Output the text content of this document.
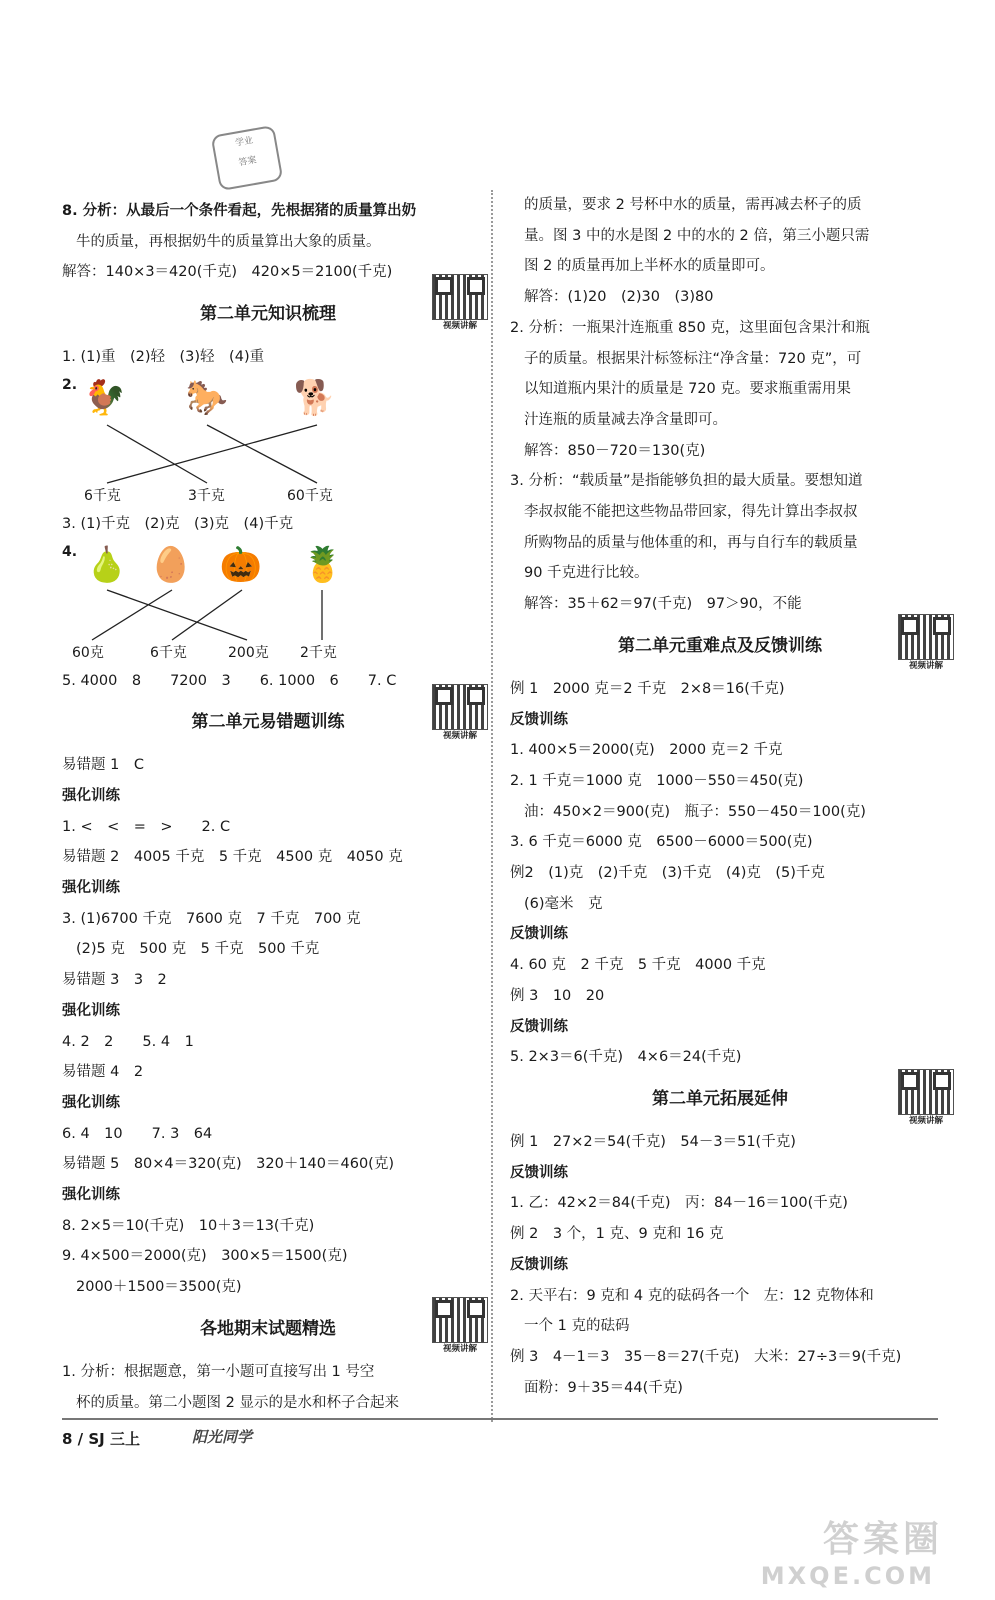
学业
答案
8. 分析：从最后一个条件看起，先根据猪的质量算出奶
牛的质量，再根据奶牛的质量算出大象的质量。
解答：140×3＝420(千克)　420×5＝2100(千克)
第二单元知识梳理
视频讲解
1. (1)重　(2)轻　(3)轻　(4)重
2. 🐓 🐎 🐕
6千克	3千克	60千克
3. (1)千克　(2)克　(3)克　(4)千克
4. 🍐 🥚 🎃 🍍
60克	6千克	200克 2千克
5. 4000　8　　7200　3　　6. 1000　6　　7. C
第二单元易错题训练
视频讲解
易错题 1　C
强化训练
1. <　<　=　>　　2. C
易错题 2　4005 千克　5 千克　4500 克　4050 克
强化训练
3. (1)6700 千克　7600 克　7 千克　700 克
(2)5 克　500 克　5 千克　500 千克
易错题 3　3　2
强化训练
4. 2　2　　5. 4　1
易错题 4　2
强化训练
6. 4　10　　7. 3　64
易错题 5　80×4＝320(克)　320＋140＝460(克)
强化训练
8. 2×5＝10(千克)　10＋3＝13(千克)
9. 4×500＝2000(克)　300×5＝1500(克)
2000＋1500＝3500(克)
各地期末试题精选
视频讲解
1. 分析：根据题意，第一小题可直接写出 1 号空
杯的质量。第二小题图 2 显示的是水和杯子合起来
的质量，要求 2 号杯中水的质量，需再减去杯子的质
量。图 3 中的水是图 2 中的水的 2 倍，第三小题只需
图 2 的质量再加上半杯水的质量即可。
解答：(1)20　(2)30　(3)80
2. 分析：一瓶果汁连瓶重 850 克，这里面包含果汁和瓶
子的质量。根据果汁标签标注“净含量：720 克”，可
以知道瓶内果汁的质量是 720 克。要求瓶重需用果
汁连瓶的质量减去净含量即可。
解答：850－720＝130(克)
3. 分析：“载质量”是指能够负担的最大质量。要想知道
李叔叔能不能把这些物品带回家，得先计算出李叔叔
所购物品的质量与他体重的和，再与自行车的载质量
90 千克进行比较。
解答：35＋62＝97(千克)　97＞90，不能
第二单元重难点及反馈训练
视频讲解
例 1　2000 克＝2 千克　2×8＝16(千克)
反馈训练
1. 400×5＝2000(克)　2000 克＝2 千克
2. 1 千克＝1000 克　1000－550＝450(克)
油：450×2＝900(克)　瓶子：550－450＝100(克)
3. 6 千克＝6000 克　6500－6000＝500(克)
例2　(1)克　(2)千克　(3)千克　(4)克　(5)千克
(6)毫米　克
反馈训练
4. 60 克　2 千克　5 千克　4000 千克
例 3　10　20
反馈训练
5. 2×3＝6(千克)　4×6＝24(千克)
第二单元拓展延伸
视频讲解
例 1　27×2＝54(千克)　54－3＝51(千克)
反馈训练
1. 乙：42×2＝84(千克)　丙：84－16＝100(千克)
例 2　3 个，1 克、9 克和 16 克
反馈训练
2. 天平右：9 克和 4 克的砝码各一个　左：12 克物体和
一个 1 克的砝码
例 3　4－1＝3　35－8＝27(千克)　大米：27÷3＝9(千克)
面粉：9＋35＝44(千克)
8 / SJ 三上	阳光同学
答案圈
MXQE.COM
